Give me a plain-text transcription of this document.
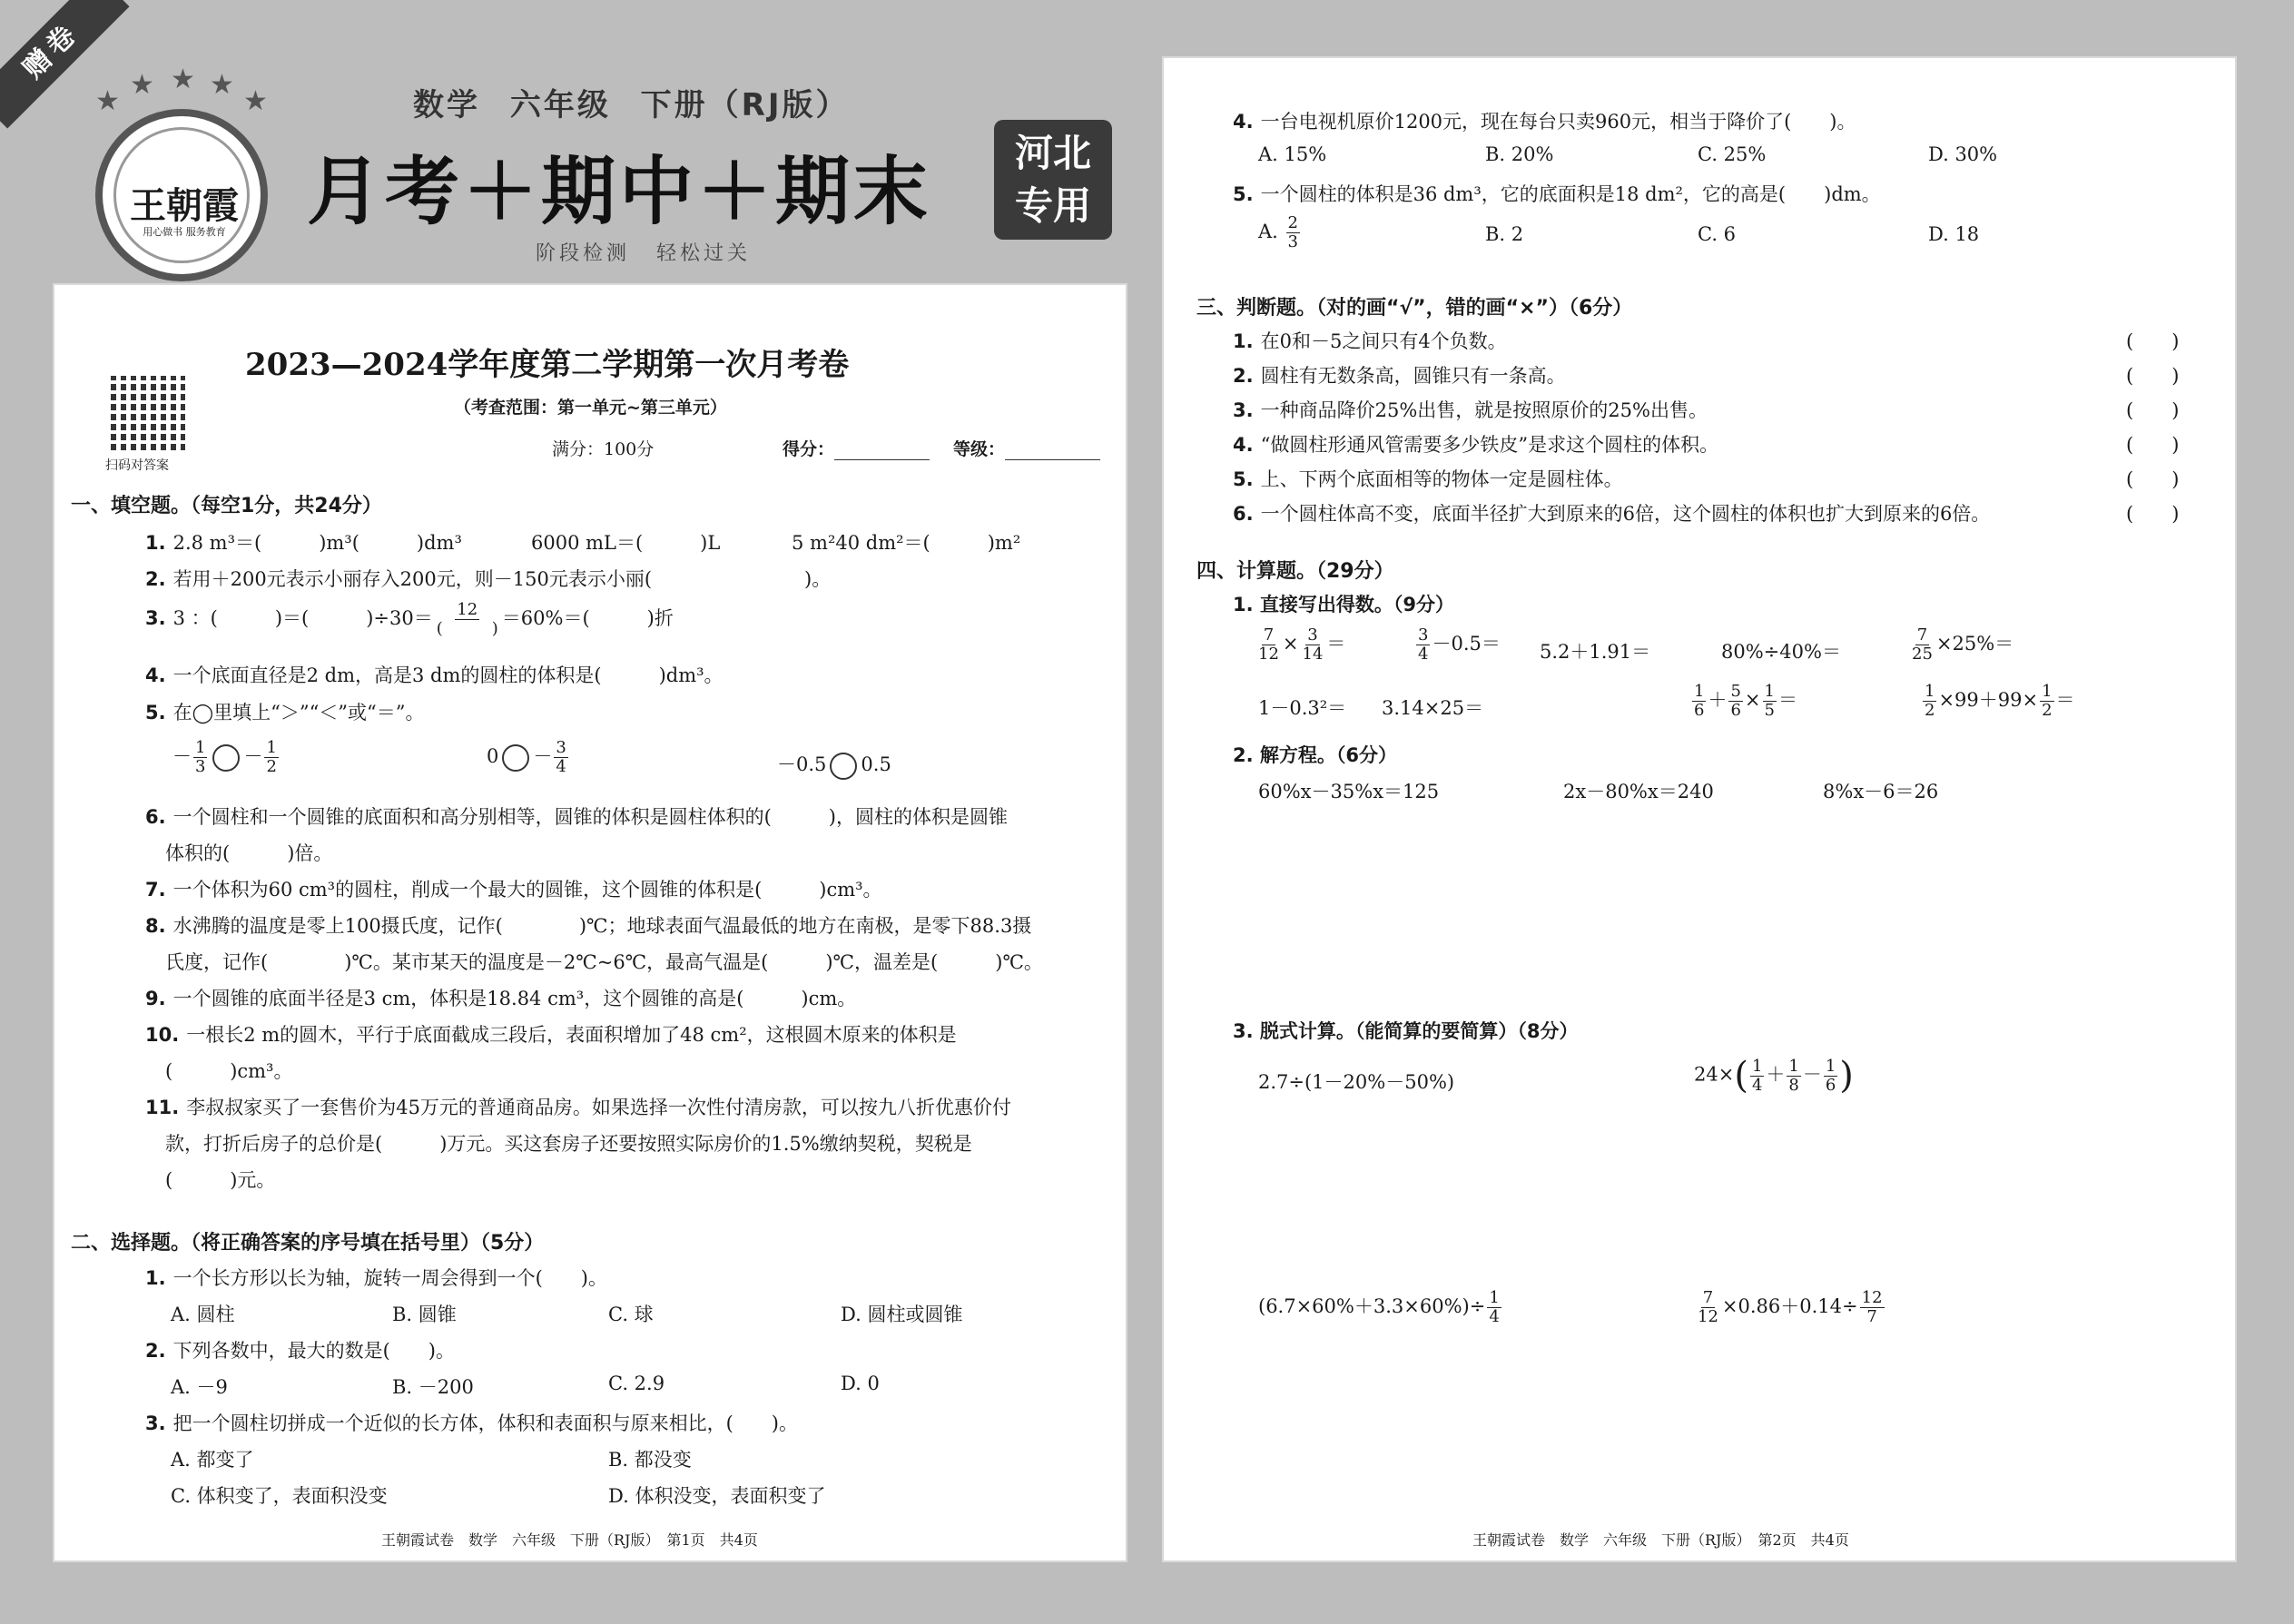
赠卷
★
★ ★ ★
★
王朝霞
用心做书 服务教育
数学 六年级 下册（RJ版）
月考＋期中＋期末	河北
专用
阶段检测 轻松过关
2023—2024学年度第二学期第一次月考卷
扫码对答案
（考查范围：第一单元~第三单元）
满分：100分	得分：	等级：
一、填空题。（每空1分，共24分）
1. 2.8 m³＝(　　　)m³(　　　)dm³	6000 mL＝(　　　)L	5 m²40 dm²＝(　　　)m²
2. 若用＋200元表示小丽存入200元，则－150元表示小丽(　　　　　　　　)。
3. 3 ：(　　　)＝(　　　)$\div 30= \frac{12}{( )} =60\%=$(　　　)折
4. 一个底面直径是2 dm，高是3 dm的圆柱的体积是(　　　)dm³。
5. 在◯里填上“＞”“＜”或“＝”。
－ $\frac{1}{3} - \frac{1}{2}$	$0 - \frac{3}{4}$	－0.5 0.5
6. 一个圆柱和一个圆锥的底面积和高分别相等，圆锥的体积是圆柱体积的(　　　)，圆柱的体积是圆锥
体积的(　　　)倍。
7. 一个体积为60 cm³的圆柱，削成一个最大的圆锥，这个圆锥的体积是(　　　)cm³。
8. 水沸腾的温度是零上100摄氏度，记作(　　　　)℃；地球表面气温最低的地方在南极，是零下88.3摄
氏度，记作(　　　　)℃。某市某天的温度是－2℃~6℃，最高气温是(　　　)℃，温差是(　　　)℃。
9. 一个圆锥的底面半径是3 cm，体积是18.84 cm³，这个圆锥的高是(　　　)cm。
10. 一根长2 m的圆木，平行于底面截成三段后，表面积增加了48 cm²，这根圆木原来的体积是
(　　　)cm³。
11. 李叔叔家买了一套售价为45万元的普通商品房。如果选择一次性付清房款，可以按九八折优惠价付
款，打折后房子的总价是(　　　)万元。买这套房子还要按照实际房价的1.5%缴纳契税，契税是
(　　　)元。
二、选择题。（将正确答案的序号填在括号里）（5分）
1. 一个长方形以长为轴，旋转一周会得到一个(　　)。
A. 圆柱	B. 圆锥	C. 球	D. 圆柱或圆锥
2. 下列各数中，最大的数是(　　)。
A. －9	B. －200	C. 2.9	D. 0
3. 把一个圆柱切拼成一个近似的长方体，体积和表面积与原来相比，(　　)。
A. 都变了	B. 都没变
C. 体积变了，表面积没变	D. 体积没变，表面积变了
王朝霞试卷　数学　六年级　下册（RJ版）　第1页　共4页
4. 一台电视机原价1200元，现在每台只卖960元，相当于降价了(　　)。
A. 15%	B. 20%	C. 25%	D. 30%
5. 一个圆柱的体积是36 dm³，它的底面积是18 dm²，它的高是(　　)dm。
A. $\frac{2}{3}$	B. 2	C. 6	D. 18
三、判断题。（对的画“√”，错的画“×”）（6分）
1. 在0和－5之间只有4个负数。	(　　)
2. 圆柱有无数条高，圆锥只有一条高。	(　　)
3. 一种商品降价25%出售，就是按照原价的25%出售。	(　　)
4. “做圆柱形通风管需要多少铁皮”是求这个圆柱的体积。	(　　)
5. 上、下两个底面相等的物体一定是圆柱体。	(　　)
6. 一个圆柱体高不变，底面半径扩大到原来的6倍，这个圆柱的体积也扩大到原来的6倍。	(　　)
四、计算题。（29分）
1. 直接写出得数。（9分）
$\frac{7}{12} \times \frac{3}{14}$ ＝	$\frac{3}{4} -0.5= 5.2+1.91=$	80%÷40%＝	$\frac{7}{25} \times 25\%=$
1－0.3²＝ 3.14×25＝	$\frac{1}{6} + \frac{5}{6} \times \frac{1}{5}$ ＝	$\frac{1}{2} \times 99+99\times \frac{1}{2}$ ＝
2. 解方程。（6分）
60%x－35%x＝125	2x－80%x＝240	8%x－6＝26
3. 脱式计算。（能简算的要简算）（8分）
2.7÷(1－20%－50%)	$24\times( \frac{1}{4} + \frac{1}{8} - \frac{1}{6}$ )
$(6.7\times 60\%+3.3\times 60\%)\div \frac{1}{4}$	$\frac{7}{12} \times 0.86+0.14\div \frac{12}{7}$
王朝霞试卷　数学　六年级　下册（RJ版）　第2页　共4页
